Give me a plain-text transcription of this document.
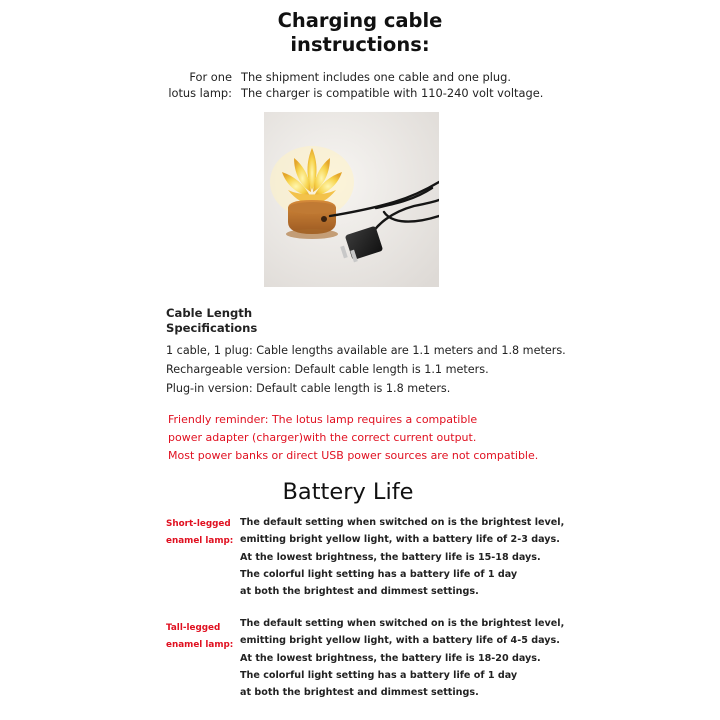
Charging cable
instructions:
For one
lotus lamp:
The shipment includes one cable and one plug.
The charger is compatible with 110-240 volt voltage.
Cable Length
Specifications
1 cable, 1 plug: Cable lengths available are 1.1 meters and 1.8 meters.
Rechargeable version: Default cable length is 1.1 meters.
Plug-in version: Default cable length is 1.8 meters.
Friendly reminder: The lotus lamp requires a compatible
power adapter (charger)with the correct current output.
Most power banks or direct USB power sources are not compatible.
Battery Life
Short-legged
enamel lamp:
The default setting when switched on is the brightest level,
emitting bright yellow light, with a battery life of 2-3 days.
At the lowest brightness, the battery life is 15-18 days.
The colorful light setting has a battery life of 1 day
at both the brightest and dimmest settings.
Tall-legged
enamel lamp:
The default setting when switched on is the brightest level,
emitting bright yellow light, with a battery life of 4-5 days.
At the lowest brightness, the battery life is 18-20 days.
The colorful light setting has a battery life of 1 day
at both the brightest and dimmest settings.
